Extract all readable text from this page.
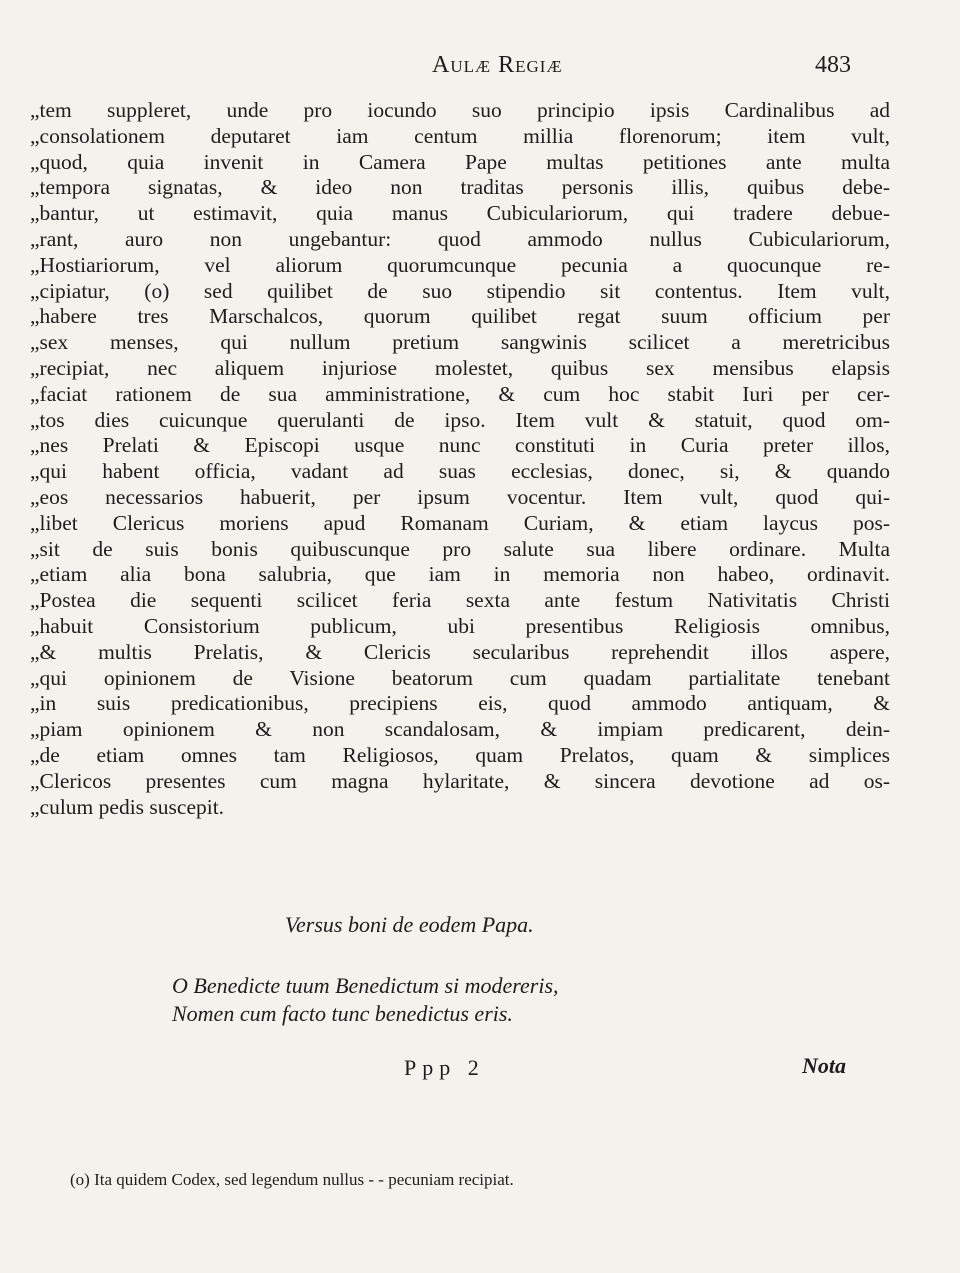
Aulæ Regiæ	483
„tem suppleret, unde pro iocundo suo principio ipsis Cardinalibus ad
„consolationem deputaret iam centum millia florenorum; item vult,
„quod, quia invenit in Camera Pape multas petitiones ante multa
„tempora signatas, & ideo non traditas personis illis, quibus debe-
„bantur, ut estimavit, quia manus Cubiculariorum, qui tradere debue-
„rant, auro non ungebantur: quod ammodo nullus Cubiculariorum,
„Hostiariorum, vel aliorum quorumcunque pecunia a quocunque re-
„cipiatur, (o) sed quilibet de suo stipendio sit contentus. Item vult,
„habere tres Marschalcos, quorum quilibet regat suum officium per
„sex menses, qui nullum pretium sangwinis scilicet a meretricibus
„recipiat, nec aliquem injuriose molestet, quibus sex mensibus elapsis
„faciat rationem de sua amministratione, & cum hoc stabit Iuri per cer-
„tos dies cuicunque querulanti de ipso. Item vult & statuit, quod om-
„nes Prelati & Episcopi usque nunc constituti in Curia preter illos,
„qui habent officia, vadant ad suas ecclesias, donec, si, & quando
„eos necessarios habuerit, per ipsum vocentur. Item vult, quod qui-
„libet Clericus moriens apud Romanam Curiam, & etiam laycus pos-
„sit de suis bonis quibuscunque pro salute sua libere ordinare. Multa
„etiam alia bona salubria, que iam in memoria non habeo, ordinavit.
„Postea die sequenti scilicet feria sexta ante festum Nativitatis Christi
„habuit Consistorium publicum, ubi presentibus Religiosis omnibus,
„& multis Prelatis, & Clericis secularibus reprehendit illos aspere,
„qui opinionem de Visione beatorum cum quadam partialitate tenebant
„in suis predicationibus, precipiens eis, quod ammodo antiquam, &
„piam opinionem & non scandalosam, & impiam predicarent, dein-
„de etiam omnes tam Religiosos, quam Prelatos, quam & simplices
„Clericos presentes cum magna hylaritate, & sincera devotione ad os-
„culum pedis suscepit.
Versus boni de eodem Papa.
O Benedicte tuum Benedictum si modereris,
Nomen cum facto tunc benedictus eris.
Ppp 2	Nota
(o) Ita quidem Codex, sed legendum nullus - - pecuniam recipiat.
